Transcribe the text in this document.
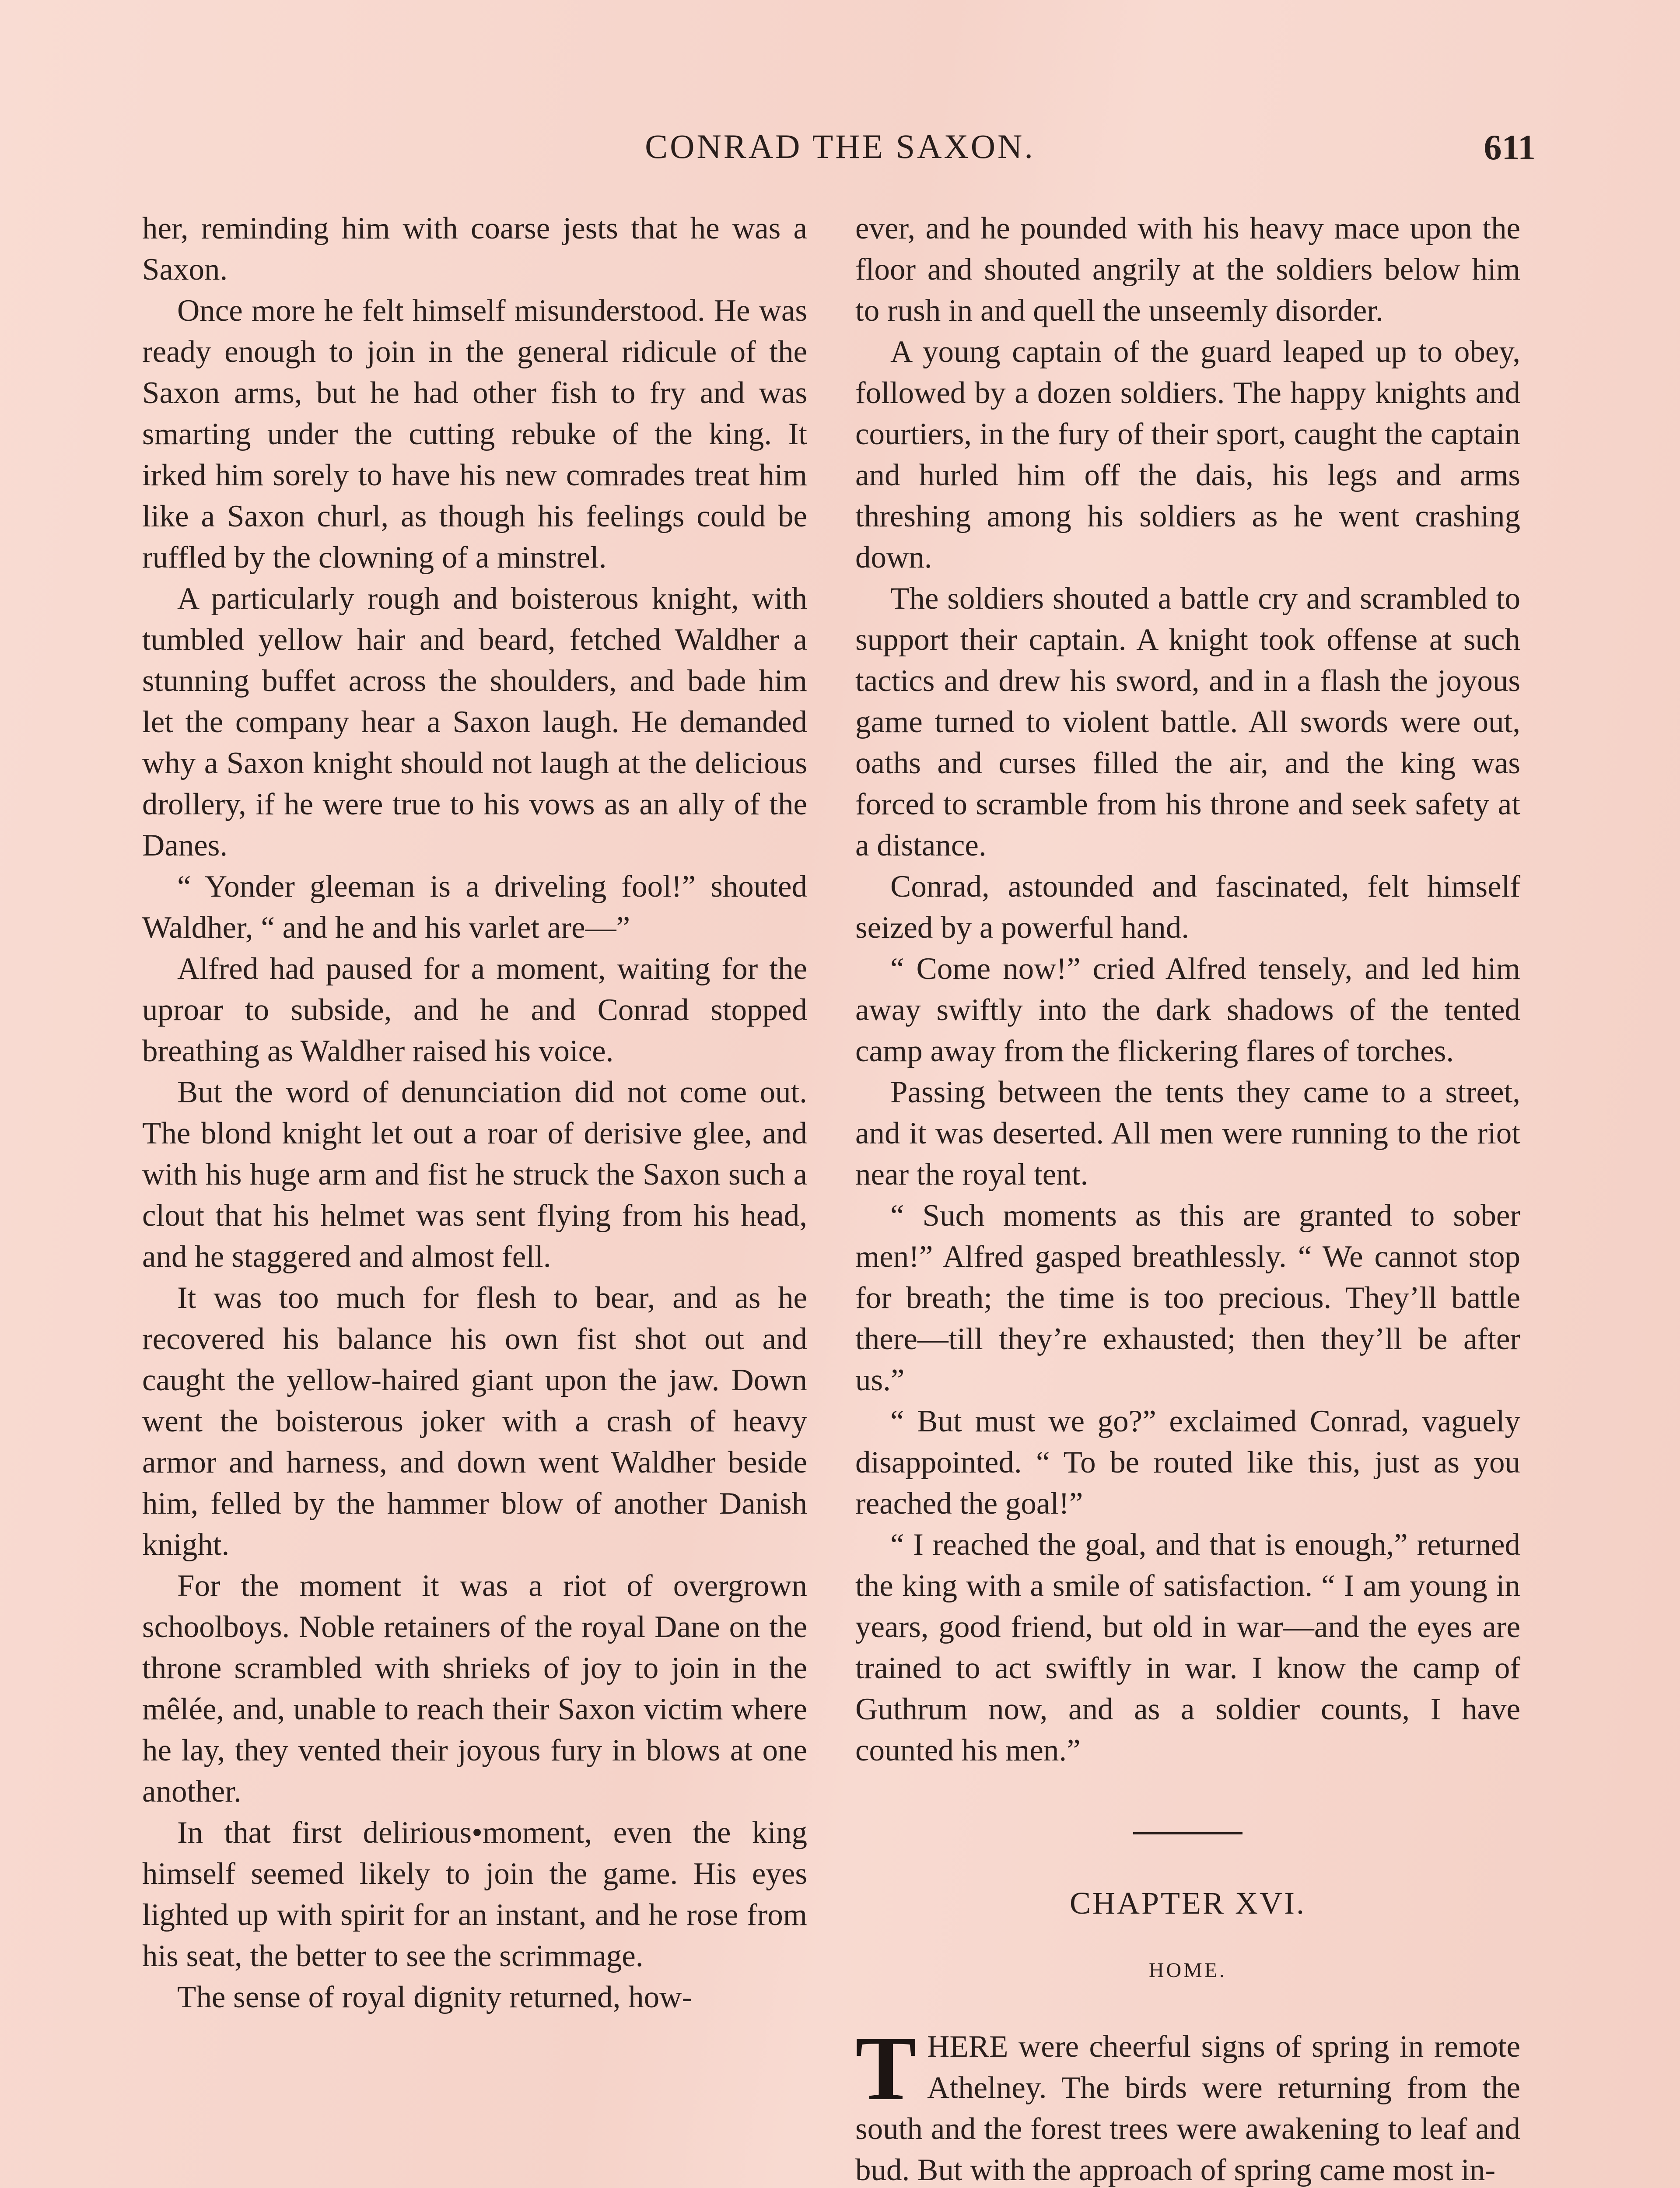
CONRAD THE SAXON.	611

her, reminding him with coarse jests that he was a Saxon.

Once more he felt himself misunderstood. He was ready enough to join in the general ridicule of the Saxon arms, but he had other fish to fry and was smarting under the cutting rebuke of the king. It irked him sorely to have his new comrades treat him like a Saxon churl, as though his feelings could be ruffled by the clowning of a minstrel.

A particularly rough and boisterous knight, with tumbled yellow hair and beard, fetched Waldher a stunning buffet across the shoulders, and bade him let the company hear a Saxon laugh. He demanded why a Saxon knight should not laugh at the delicious drollery, if he were true to his vows as an ally of the Danes.

“ Yonder gleeman is a driveling fool!” shouted Waldher, “ and he and his varlet are—”

Alfred had paused for a moment, waiting for the uproar to subside, and he and Conrad stopped breathing as Waldher raised his voice.

But the word of denunciation did not come out. The blond knight let out a roar of derisive glee, and with his huge arm and fist he struck the Saxon such a clout that his helmet was sent flying from his head, and he staggered and almost fell.

It was too much for flesh to bear, and as he recovered his balance his own fist shot out and caught the yellow-haired giant upon the jaw. Down went the boisterous joker with a crash of heavy armor and harness, and down went Waldher beside him, felled by the hammer blow of another Danish knight.

For the moment it was a riot of overgrown schoolboys. Noble retainers of the royal Dane on the throne scrambled with shrieks of joy to join in the mêlée, and, unable to reach their Saxon victim where he lay, they vented their joyous fury in blows at one another.

In that first delirious•moment, even the king himself seemed likely to join the game. His eyes lighted up with spirit for an instant, and he rose from his seat, the better to see the scrimmage.

The sense of royal dignity returned, how-

ever, and he pounded with his heavy mace upon the floor and shouted angrily at the soldiers below him to rush in and quell the unseemly disorder.

A young captain of the guard leaped up to obey, followed by a dozen soldiers. The happy knights and courtiers, in the fury of their sport, caught the captain and hurled him off the dais, his legs and arms threshing among his soldiers as he went crashing down.

The soldiers shouted a battle cry and scrambled to support their captain. A knight took offense at such tactics and drew his sword, and in a flash the joyous game turned to violent battle. All swords were out, oaths and curses filled the air, and the king was forced to scramble from his throne and seek safety at a distance.

Conrad, astounded and fascinated, felt himself seized by a powerful hand.

“ Come now!” cried Alfred tensely, and led him away swiftly into the dark shadows of the tented camp away from the flickering flares of torches.

Passing between the tents they came to a street, and it was deserted. All men were running to the riot near the royal tent.

“ Such moments as this are granted to sober men!” Alfred gasped breathlessly. “ We cannot stop for breath; the time is too precious. They’ll battle there—till they’re exhausted; then they’ll be after us.”

“ But must we go?” exclaimed Conrad, vaguely disappointed. “ To be routed like this, just as you reached the goal!”

“ I reached the goal, and that is enough,” returned the king with a smile of satisfaction. “ I am young in years, good friend, but old in war—and the eyes are trained to act swiftly in war. I know the camp of Guthrum now, and as a soldier counts, I have counted his men.”

CHAPTER XVI.
HOME.

THERE were cheerful signs of spring in remote Athelney. The birds were returning from the south and the forest trees were awakening to leaf and bud. But with the approach of spring came most in-
